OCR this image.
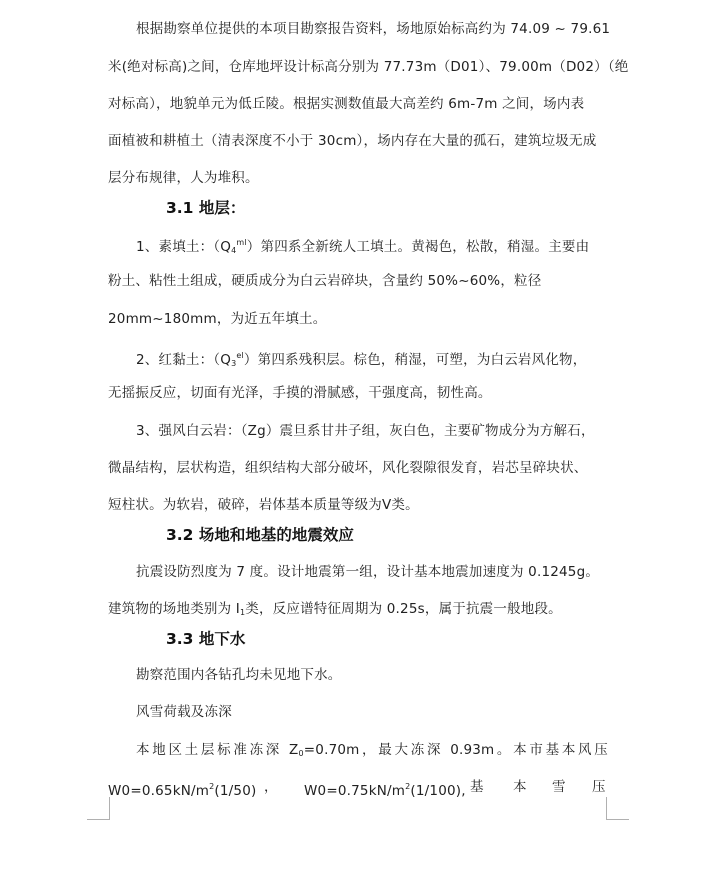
根据勘察单位提供的本项目勘察报告资料，场地原始标高约为 74.09 ~ 79.61
米(绝对标高)之间，仓库地坪设计标高分别为 77.73m（D01）、79.00m（D02）（绝
对标高），地貌单元为低丘陵。根据实测数值最大高差约 6m-7m 之间，场内表
面植被和耕植土（清表深度不小于 30cm），场内存在大量的孤石，建筑垃圾无成
层分布规律，人为堆积。
3.1 地层：
1、素填土：$(Q_4^{ml})$第四系全新统人工填土。黄褐色，松散，稍湿。主要由
粉土、粘性土组成，硬质成分为白云岩碎块，含量约 50%~60%，粒径
20mm~180mm，为近五年填土。
2、红黏土：$(Q_3^{el})$第四系残积层。棕色，稍湿，可塑，为白云岩风化物，
无摇振反应，切面有光泽，手摸的滑腻感，干强度高，韧性高。
3、强风白云岩：（Zg）震旦系甘井子组，灰白色，主要矿物成分为方解石，
微晶结构，层状构造，组织结构大部分破坏，风化裂隙很发育，岩芯呈碎块状、
短柱状。为软岩，破碎，岩体基本质量等级为Ⅴ类。
3.2 场地和地基的地震效应
抗震设防烈度为 7 度。设计地震第一组，设计基本地震加速度为 0.1245g。
建筑物的场地类别为 $I_1$类，反应谱特征周期为 0.25s，属于抗震一般地段。
3.3 地下水
勘察范围内各钻孔均未见地下水。
风雪荷载及冻深
本地区土层标准冻深 $Z_0=0.70m$，最大冻深 0.93m。本市基本风压
$W0=0.65kN/m^2(1/50)$ ， $W0=0.75kN/m^2(1/100)$, 基	本	雪	压
